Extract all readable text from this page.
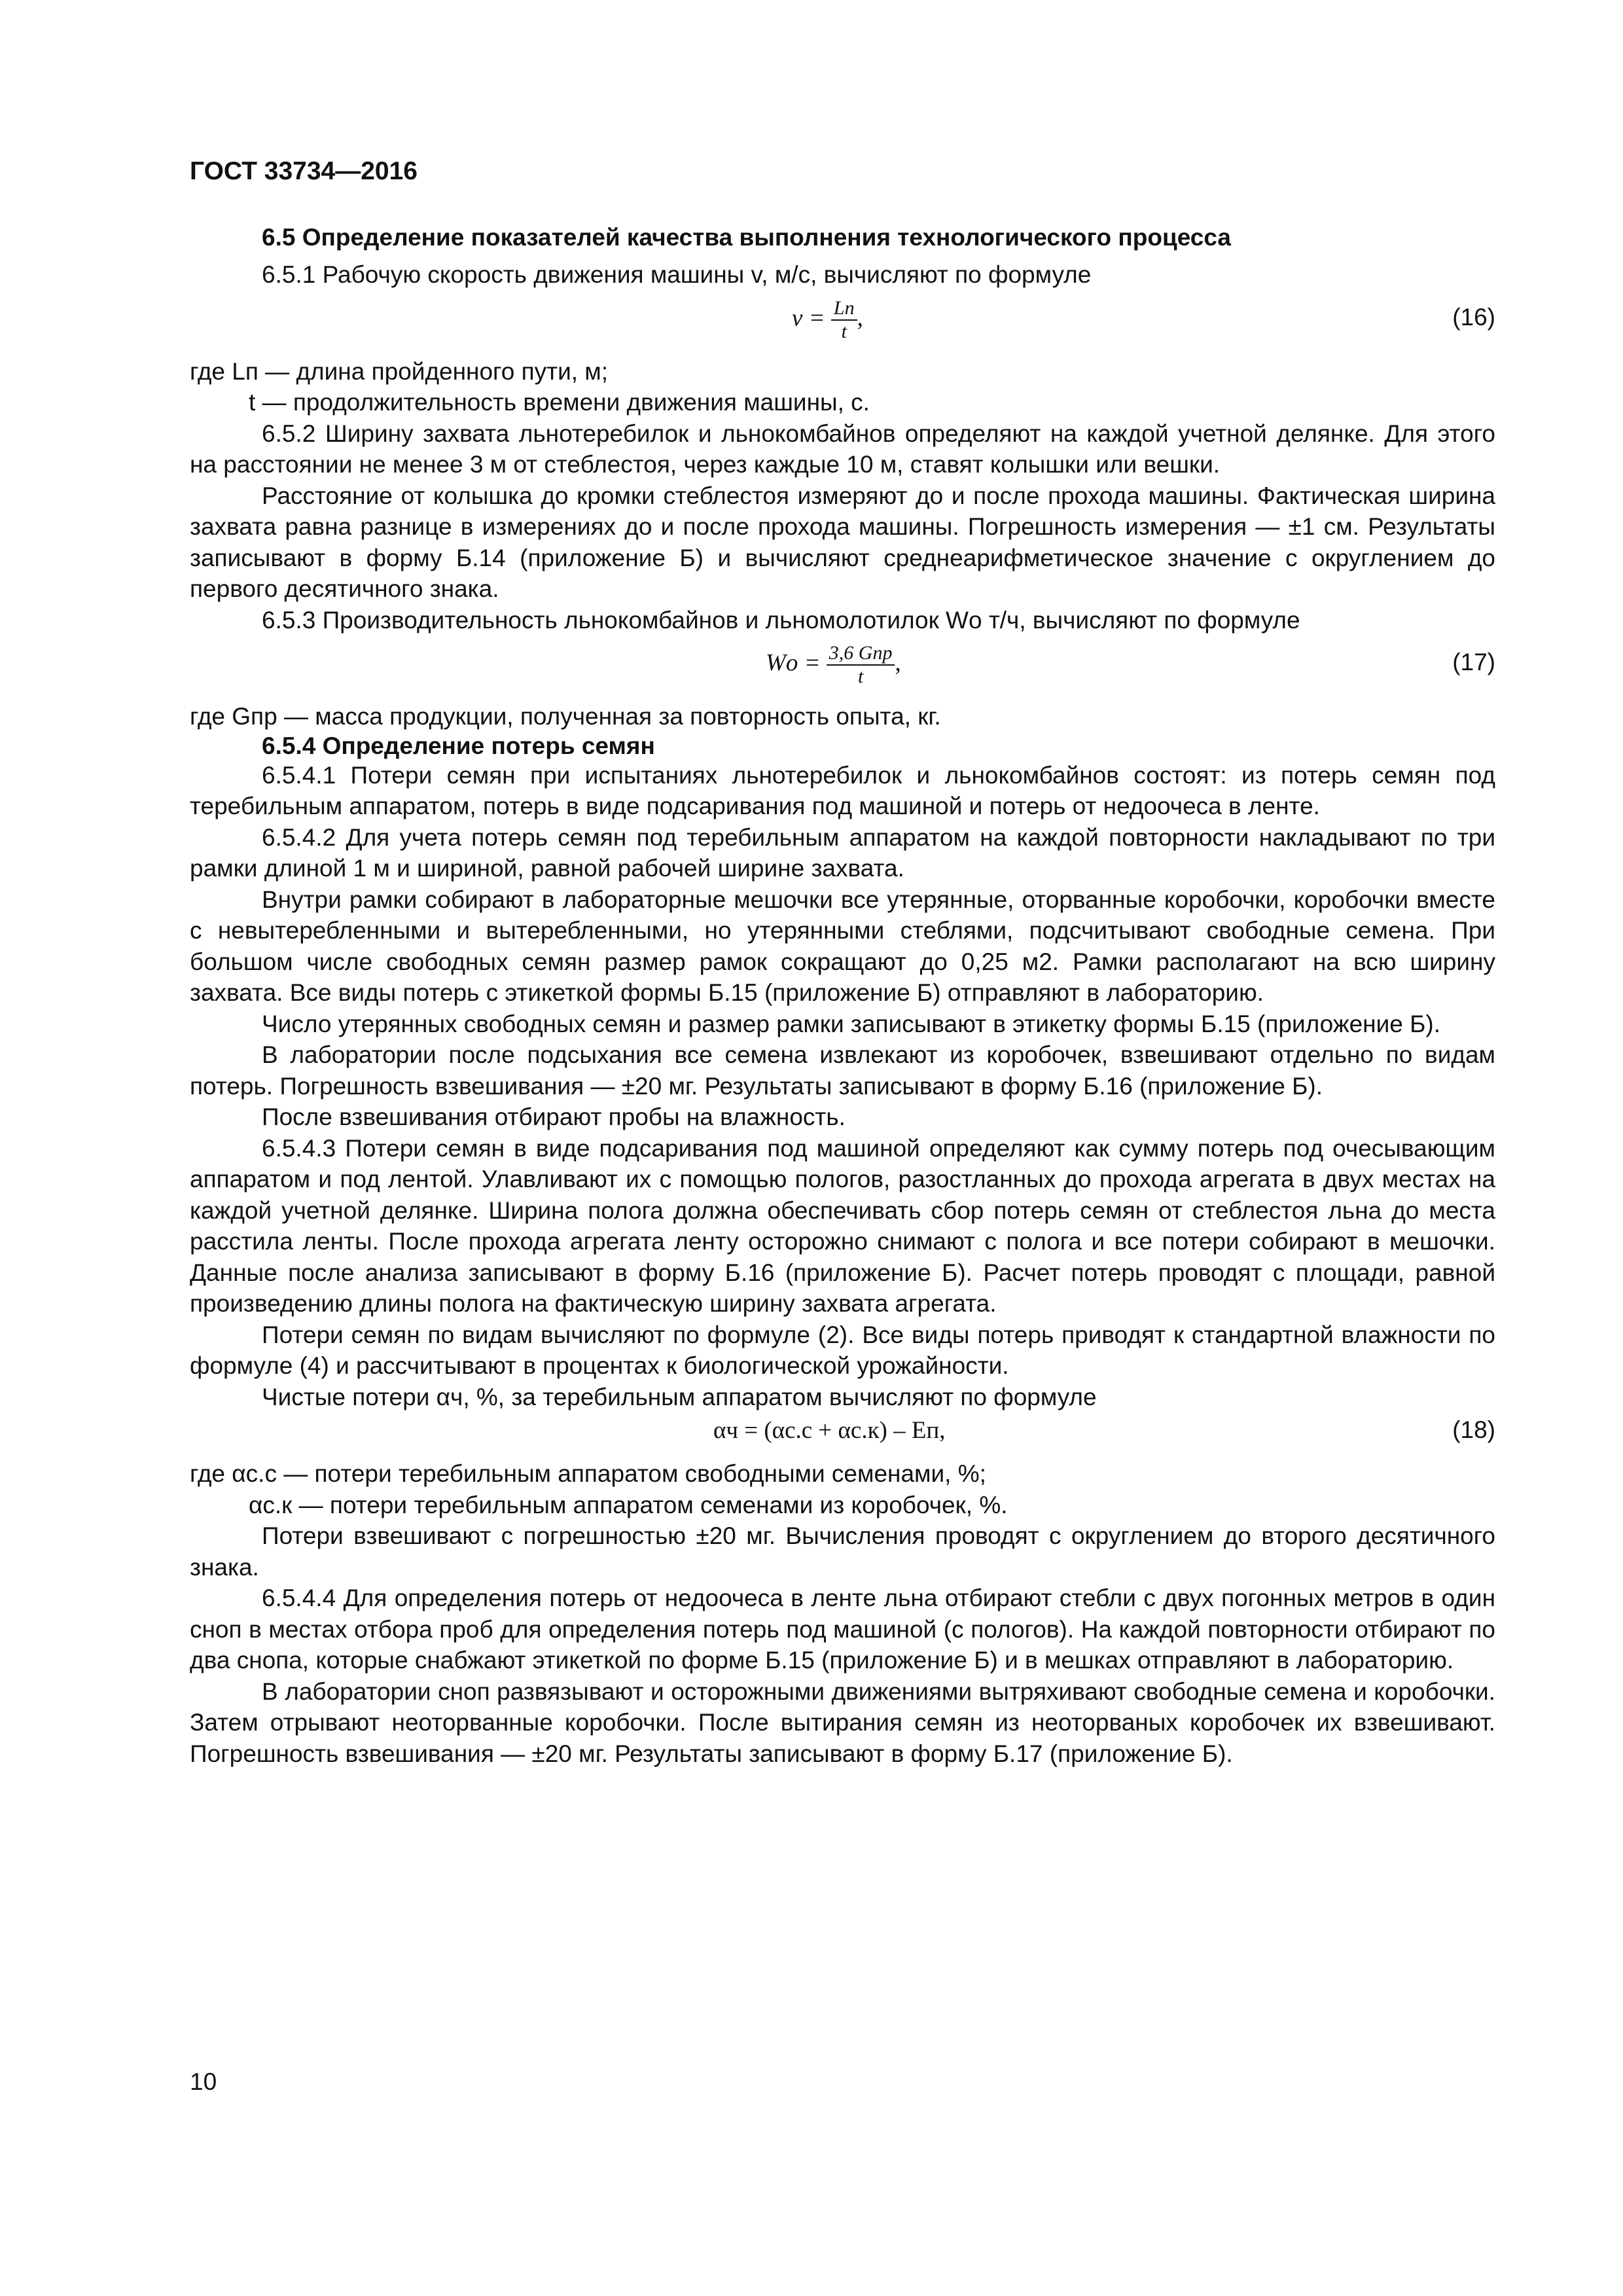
ГОСТ 33734—2016
6.5 Определение показателей качества выполнения технологического процесса

6.5.1 Рабочую скорость движения машины v, м/с, вычисляют по формуле

$v = \frac{Lп}{t}$ ,	(16)

где Lп — длина пройденного пути, м;

t — продолжительность времени движения машины, с.

6.5.2 Ширину захвата льнотеребилок и льнокомбайнов определяют на каждой учетной делянке. Для этого на расстоянии не менее 3 м от стеблестоя, через каждые 10 м, ставят колышки или вешки.

Расстояние от колышка до кромки стеблестоя измеряют до и после прохода машины. Фактическая ширина захвата равна разнице в измерениях до и после прохода машины. Погрешность измерения — ±1 см. Результаты записывают в форму Б.14 (приложение Б) и вычисляют среднеарифметическое значение с округлением до первого десятичного знака.

6.5.3 Производительность льнокомбайнов и льномолотилок Wо т/ч, вычисляют по формуле

Wо = $\frac{\text{3,6 Gпр}}{t}$ ,	(17)

где Gпр — масса продукции, полученная за повторность опыта, кг.

6.5.4 Определение потерь семян

6.5.4.1 Потери семян при испытаниях льнотеребилок и льнокомбайнов состоят: из потерь семян под теребильным аппаратом, потерь в виде подсаривания под машиной и потерь от недоочеса в ленте.

6.5.4.2 Для учета потерь семян под теребильным аппаратом на каждой повторности накладывают по три рамки длиной 1 м и шириной, равной рабочей ширине захвата.

Внутри рамки собирают в лабораторные мешочки все утерянные, оторванные коробочки, коробочки вместе с невытеребленными и вытеребленными, но утерянными стеблями, подсчитывают свободные семена. При большом числе свободных семян размер рамок сокращают до 0,25 м2. Рамки располагают на всю ширину захвата. Все виды потерь с этикеткой формы Б.15 (приложение Б) отправляют в лабораторию.

Число утерянных свободных семян и размер рамки записывают в этикетку формы Б.15 (приложение Б).

В лаборатории после подсыхания все семена извлекают из коробочек, взвешивают отдельно по видам потерь. Погрешность взвешивания — ±20 мг. Результаты записывают в форму Б.16 (приложение Б).

После взвешивания отбирают пробы на влажность.

6.5.4.3 Потери семян в виде подсаривания под машиной определяют как сумму потерь под очесывающим аппаратом и под лентой. Улавливают их с помощью пологов, разостланных до прохода агрегата в двух местах на каждой учетной делянке. Ширина полога должна обеспечивать сбор потерь семян от стеблестоя льна до места расстила ленты. После прохода агрегата ленту осторожно снимают с полога и все потери собирают в мешочки. Данные после анализа записывают в форму Б.16 (приложение Б). Расчет потерь проводят с площади, равной произведению длины полога на фактическую ширину захвата агрегата.

Потери семян по видам вычисляют по формуле (2). Все виды потерь приводят к стандартной влажности по формуле (4) и рассчитывают в процентах к биологической урожайности.

Чистые потери αч, %, за теребильным аппаратом вычисляют по формуле

αч = (αс.с + αс.к) – Eп,	(18)

где αс.с — потери теребильным аппаратом свободными семенами, %;

αс.к — потери теребильным аппаратом семенами из коробочек, %.

Потери взвешивают с погрешностью ±20 мг. Вычисления проводят с округлением до второго десятичного знака.

6.5.4.4 Для определения потерь от недоочеса в ленте льна отбирают стебли с двух погонных метров в один сноп в местах отбора проб для определения потерь под машиной (с пологов). На каждой повторности отбирают по два снопа, которые снабжают этикеткой по форме Б.15 (приложение Б) и в мешках отправляют в лабораторию.

В лаборатории сноп развязывают и осторожными движениями вытряхивают свободные семена и коробочки. Затем отрывают неоторванные коробочки. После вытирания семян из неоторваных коробочек их взвешивают. Погрешность взвешивания — ±20 мг. Результаты записывают в форму Б.17 (приложение Б).

10
